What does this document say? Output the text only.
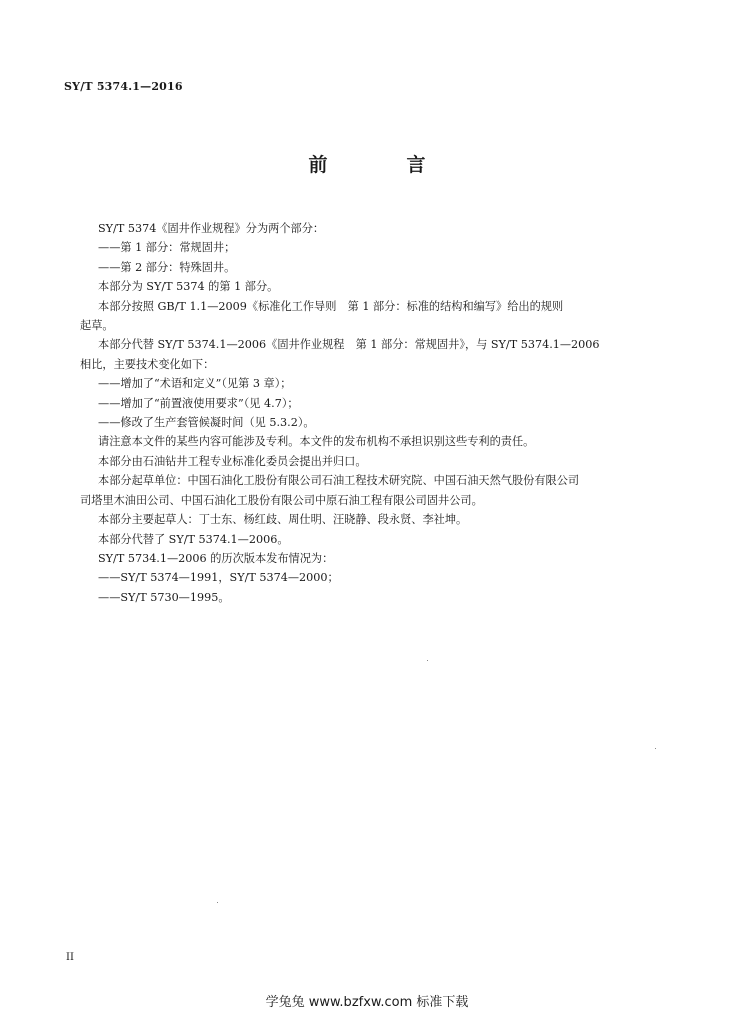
SY/T 5374.1—2016
前　言

SY/T 5374《固井作业规程》分为两个部分：

——第 1 部分：常规固井；

——第 2 部分：特殊固井。

本部分为 SY/T 5374 的第 1 部分。

本部分按照 GB/T 1.1—2009《标准化工作导则　第 1 部分：标准的结构和编写》给出的规则

起草。

本部分代替 SY/T 5374.1—2006《固井作业规程　第 1 部分：常规固井》，与 SY/T 5374.1—2006

相比，主要技术变化如下：

——增加了“术语和定义”（见第 3 章）；

——增加了“前置液使用要求”（见 4.7）；

——修改了生产套管候凝时间（见 5.3.2）。

请注意本文件的某些内容可能涉及专利。本文件的发布机构不承担识别这些专利的责任。

本部分由石油钻井工程专业标准化委员会提出并归口。

本部分起草单位：中国石油化工股份有限公司石油工程技术研究院、中国石油天然气股份有限公司

司塔里木油田公司、中国石油化工股份有限公司中原石油工程有限公司固井公司。

本部分主要起草人：丁士东、杨红歧、周仕明、汪晓静、段永贤、李社坤。

本部分代替了 SY/T 5374.1—2006。

SY/T 5734.1—2006 的历次版本发布情况为：

——SY/T 5374—1991，SY/T 5374—2000；

——SY/T 5730—1995。

II
学兔兔 www.bzfxw.com 标准下载
